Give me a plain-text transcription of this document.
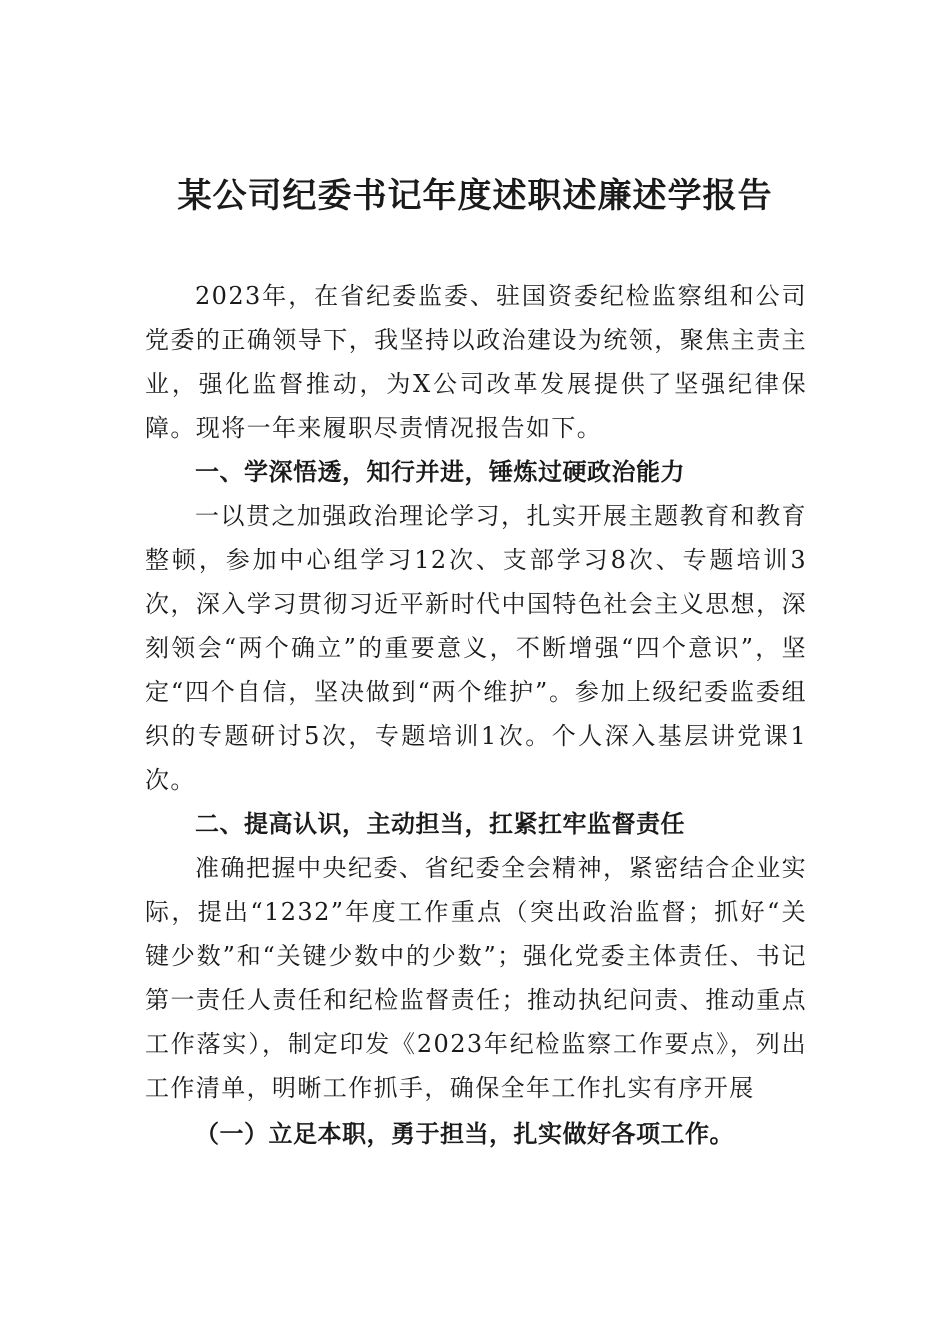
某公司纪委书记年度述职述廉述学报告

2023年，在省纪委监委、驻国资委纪检监察组和公司党委的正确领导下，我坚持以政治建设为统领，聚焦主责主业，强化监督推动，为X公司改革发展提供了坚强纪律保障。现将一年来履职尽责情况报告如下。

一、学深悟透，知行并进，锤炼过硬政治能力

一以贯之加强政治理论学习，扎实开展主题教育和教育整顿，参加中心组学习12次、支部学习8次、专题培训3次，深入学习贯彻习近平新时代中国特色社会主义思想，深刻领会“两个确立”的重要意义，不断增强“四个意识”，坚定“四个自信，坚决做到“两个维护”。参加上级纪委监委组织的专题研讨5次，专题培训1次。个人深入基层讲党课1次。

二、提高认识，主动担当，扛紧扛牢监督责任

准确把握中央纪委、省纪委全会精神，紧密结合企业实际，提出“1232”年度工作重点（突出政治监督；抓好“关键少数”和“关键少数中的少数”；强化党委主体责任、书记第一责任人责任和纪检监督责任；推动执纪问责、推动重点工作落实），制定印发《2023年纪检监察工作要点》，列出工作清单，明晰工作抓手，确保全年工作扎实有序开展

（一）立足本职，勇于担当，扎实做好各项工作。
